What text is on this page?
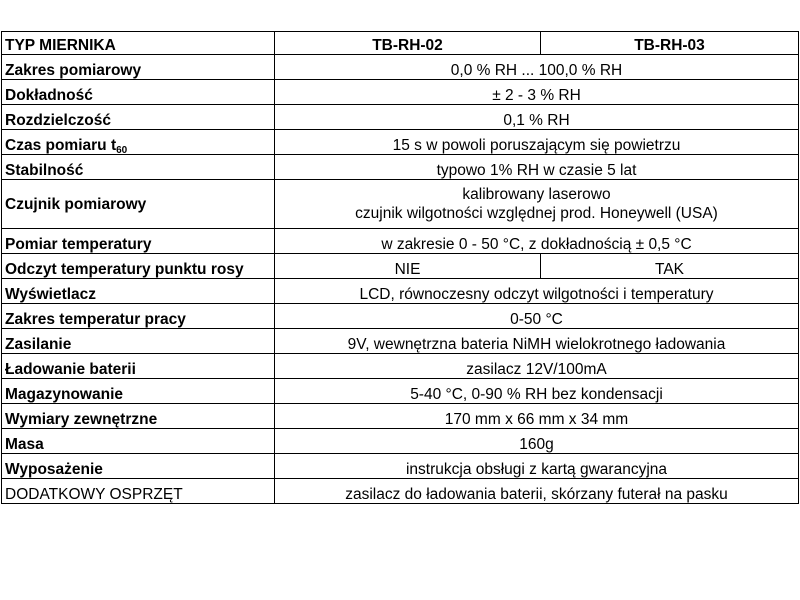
TYP MIERNIKA	TB-RH-02	TB-RH-03
Zakres pomiarowy	0,0 % RH ... 100,0 % RH	
Dokładność	± 2 - 3 % RH	
Rozdzielczość	0,1 % RH	
Czas pomiaru $t_{60}$	15 s w powoli poruszającym się powietrzu	
Stabilność	typowo 1% RH w czasie 5 lat	
Czujnik pomiarowy	kalibrowany laserowo
czujnik wilgotności względnej prod. Honeywell (USA)	

Pomiar temperatury	w zakresie 0 - 50 °C, z dokładnością ± 0,5 °C	
Odczyt temperatury punktu rosy	NIE	TAK
Wyświetlacz	LCD, równoczesny odczyt wilgotności i temperatury	
Zakres temperatur pracy	0-50 °C	
Zasilanie	9V, wewnętrzna bateria NiMH wielokrotnego ładowania	
Ładowanie baterii	zasilacz 12V/100mA	
Magazynowanie	5-40 °C, 0-90 % RH bez kondensacji	
Wymiary zewnętrzne	170 mm x 66 mm x 34 mm	
Masa	160g	
Wyposażenie	instrukcja obsługi z kartą gwarancyjna	
DODATKOWY OSPRZĘT	zasilacz do ładowania baterii, skórzany futerał na pasku	
